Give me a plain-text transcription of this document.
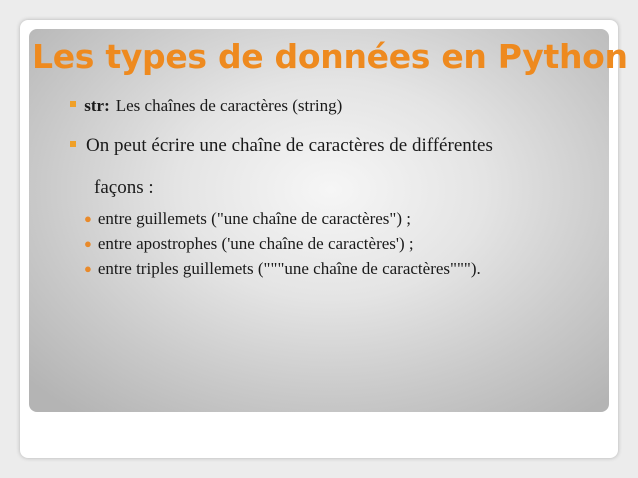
Les types de données en Python
str: Les chaînes de caractères (string)
On peut écrire une chaîne de caractères de différentes
façons :
● entre guillemets ("une chaîne de caractères") ;
● entre apostrophes ('une chaîne de caractères') ;
● entre triples guillemets ("""une chaîne de caractères""").
